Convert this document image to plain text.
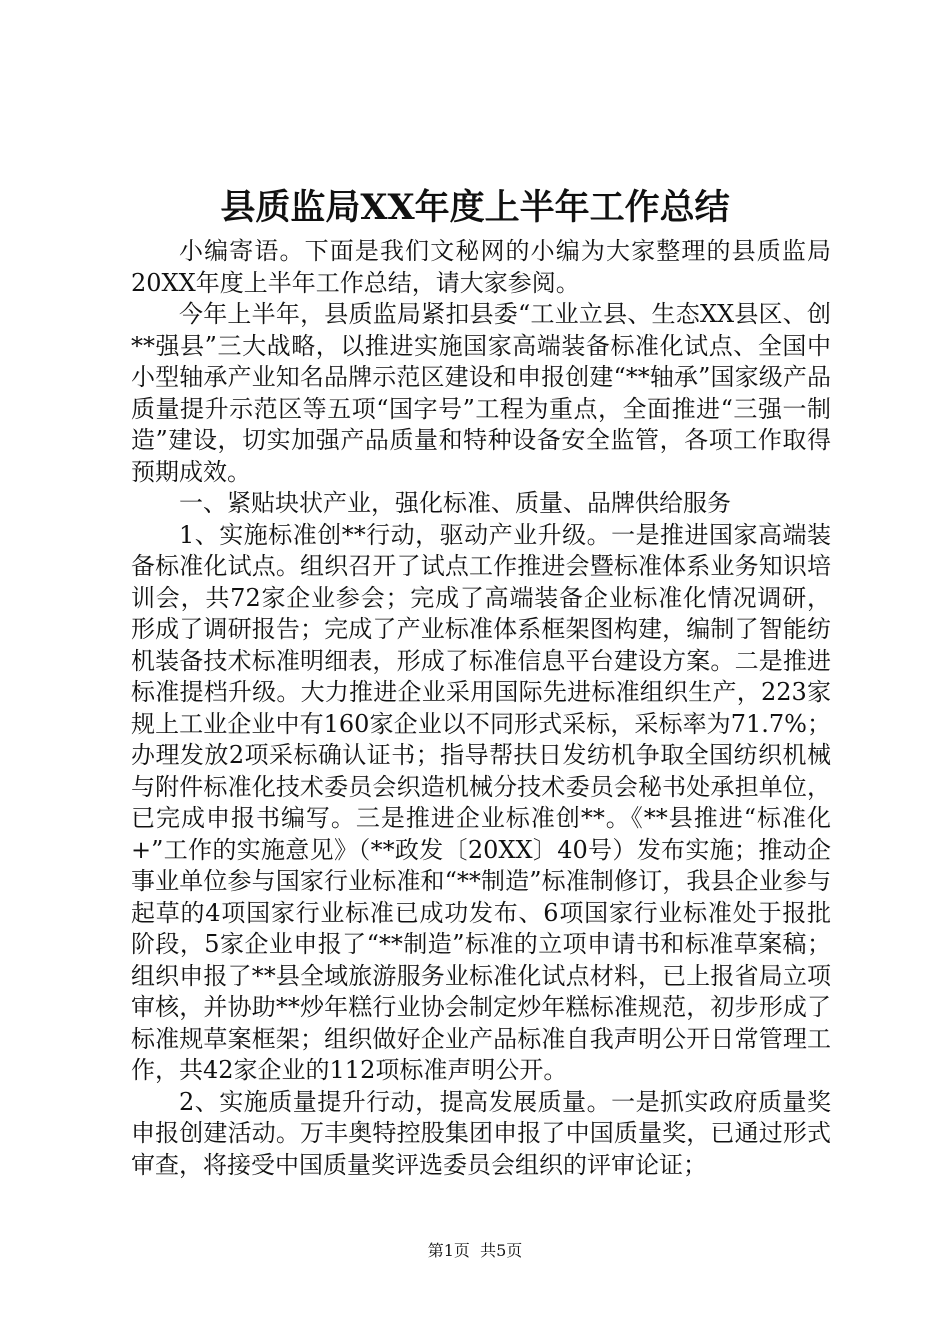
县质监局XX年度上半年工作总结

小编寄语。下面是我们文秘网的小编为大家整理的县质监局20XX年度上半年工作总结，请大家参阅。

今年上半年，县质监局紧扣县委“工业立县、生态XX县区、创**强县”三大战略，以推进实施国家高端装备标准化试点、全国中小型轴承产业知名品牌示范区建设和申报创建“**轴承”国家级产品质量提升示范区等五项“国字号”工程为重点，全面推进“三强一制造”建设，切实加强产品质量和特种设备安全监管，各项工作取得预期成效。

一、紧贴块状产业，强化标准、质量、品牌供给服务

1、实施标准创**行动，驱动产业升级。一是推进国家高端装备标准化试点。组织召开了试点工作推进会暨标准体系业务知识培训会，共72家企业参会；完成了高端装备企业标准化情况调研，形成了调研报告；完成了产业标准体系框架图构建，编制了智能纺机装备技术标准明细表，形成了标准信息平台建设方案。二是推进标准提档升级。大力推进企业采用国际先进标准组织生产，223家规上工业企业中有160家企业以不同形式采标，采标率为71.7%；办理发放2项采标确认证书；指导帮扶日发纺机争取全国纺织机械与附件标准化技术委员会织造机械分技术委员会秘书处承担单位，已完成申报书编写。三是推进企业标准创**。《**县推进“标准化+”工作的实施意见》（**政发〔20XX〕40号）发布实施；推动企事业单位参与国家行业标准和“**制造”标准制修订，我县企业参与起草的4项国家行业标准已成功发布、6项国家行业标准处于报批阶段，5家企业申报了“**制造”标准的立项申请书和标准草案稿；组织申报了**县全域旅游服务业标准化试点材料，已上报省局立项审核，并协助**炒年糕行业协会制定炒年糕标准规范，初步形成了标准规草案框架；组织做好企业产品标准自我声明公开日常管理工作，共42家企业的112项标准声明公开。

2、实施质量提升行动，提高发展质量。一是抓实政府质量奖申报创建活动。万丰奥特控股集团申报了中国质量奖，已通过形式审查，将接受中国质量奖评选委员会组织的评审论证；

第1页 共5页
